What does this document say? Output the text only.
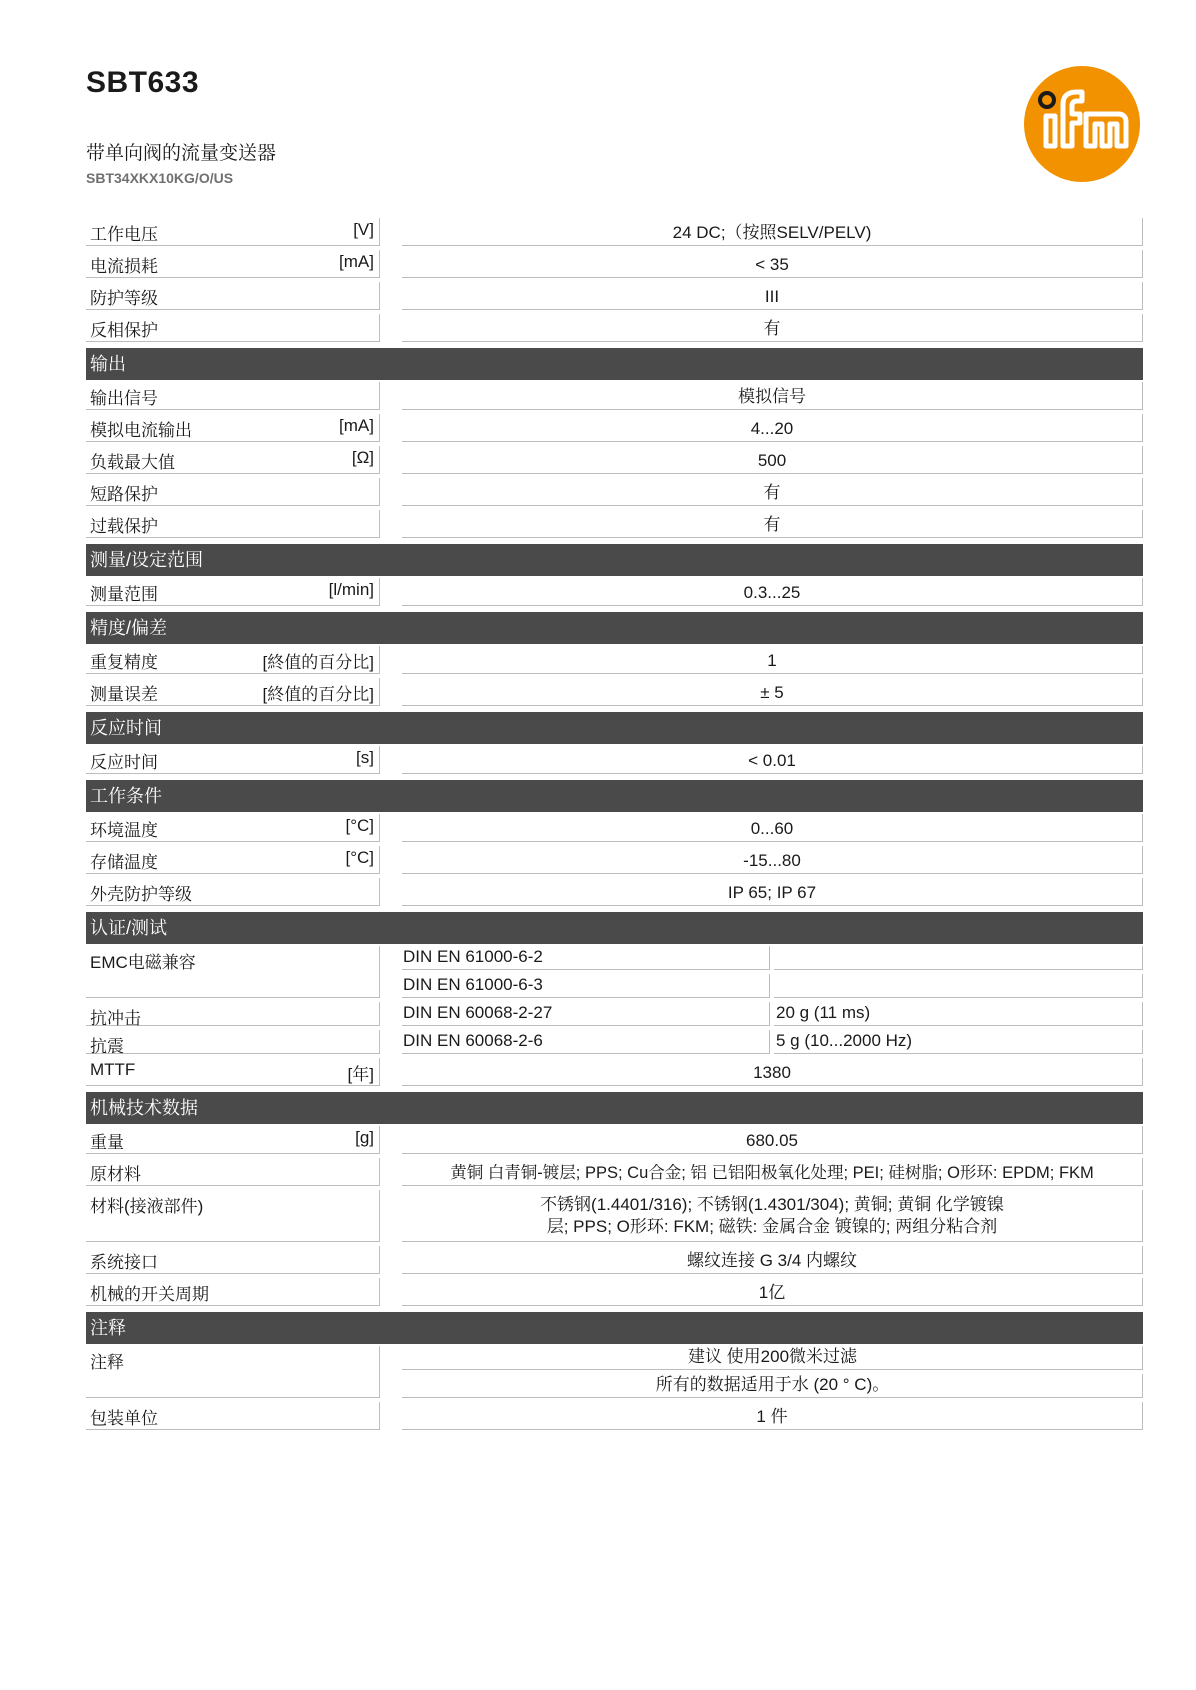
SBT633
带单向阀的流量变送器
SBT34XKX10KG/O/US
工作电压	[V]	24 DC;（按照SELV/PELV)
电流损耗	[mA]	< 35
防护等级	III
反相保护	有
输出
输出信号	模拟信号
模拟电流输出	[mA]	4...20
负载最大值	[Ω]	500
短路保护	有
过载保护	有
测量/设定范围
测量范围	[l/min]	0.3...25
精度/偏差
重复精度	[終值的百分比]	1
测量误差	[終值的百分比]	± 5
反应时间
反应时间	[s]	< 0.01
工作条件
环境温度	[°C]	0...60
存储温度	[°C]	-15...80
外壳防护等级	IP 65; IP 67
认证/测试
EMC电磁兼容	DIN EN 61000-6-2
DIN EN 61000-6-3
抗冲击	DIN EN 60068-2-27	20 g (11 ms)
抗震	DIN EN 60068-2-6	5 g (10...2000 Hz)
MTTF	[年]	1380
机械技术数据
重量	[g]	680.05
原材料	黄铜 白青铜-镀层; PPS; Cu合金; 铝 已铝阳极氧化处理; PEI; 硅树脂; O形环: EPDM; FKM
材料(接液部件)	不锈钢(1.4401/316); 不锈钢(1.4301/304); 黄铜; 黄铜 化学镀镍
层; PPS; O形环: FKM; 磁铁: 金属合金 镀镍的; 两组分粘合剂
系统接口	螺纹连接 G 3/4 内螺纹
机械的开关周期	1亿
注释
注释	建议 使用200微米过滤
所有的数据适用于水 (20 ° C)。
包装单位	1 件
